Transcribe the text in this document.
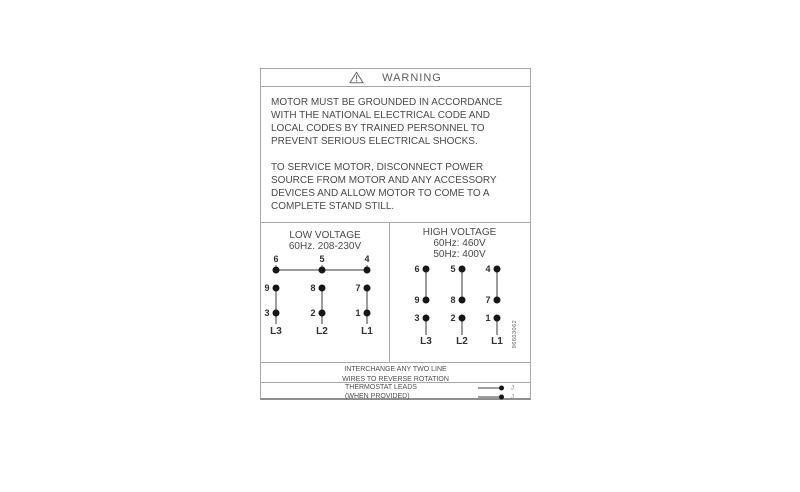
WARNING
MOTOR MUST BE GROUNDED IN ACCORDANCE
WITH THE NATIONAL ELECTRICAL CODE AND
LOCAL CODES BY TRAINED PERSONNEL TO
PREVENT SERIOUS ELECTRICAL SHOCKS.
TO SERVICE MOTOR, DISCONNECT POWER
SOURCE FROM MOTOR AND ANY ACCESSORY
DEVICES AND ALLOW MOTOR TO COME TO A
COMPLETE STAND STILL.
LOW VOLTAGE
60Hz. 208-230V
6	5	4
9	8	7
3	2	1
L3	L2	L1
HIGH VOLTAGE
60Hz: 460V
50Hz: 400V
6	5	4
9	8	7
3	2	1
L3 L2 L1 96603062
INTERCHANGE ANY TWO LINE
WIRES TO REVERSE ROTATION
THERMOSTAT LEADS	J
(WHEN PROVIDED)	J
